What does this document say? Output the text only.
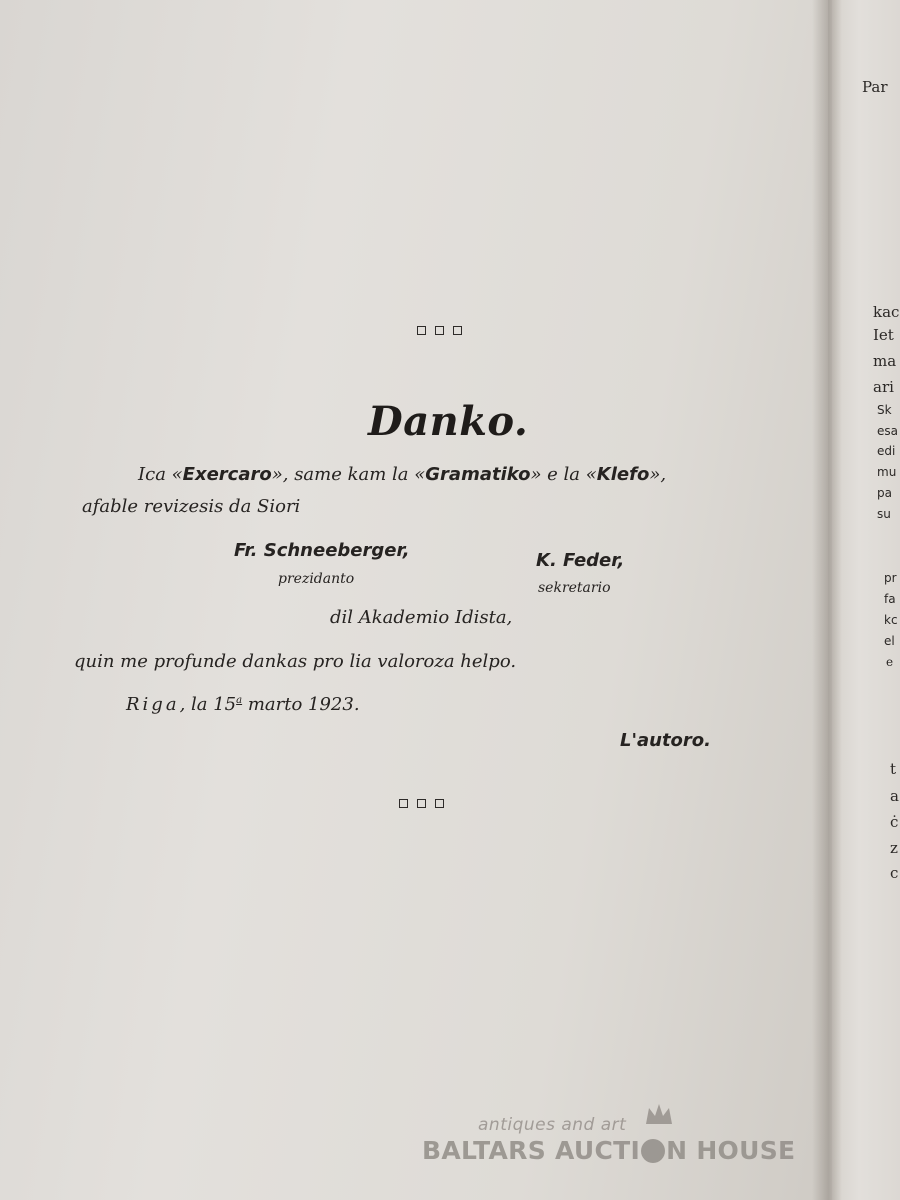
Danko.
Ica «Exercaro», same kam la «Gramatiko» e la «Klefo»,
afable revizesis da Siori
Fr. Schneeberger,
prezidanto
K. Feder,
sekretario
dil Akademio Idista,
quin me profunde dankas pro lia valoroza helpo.
Riga, la 15$^a$ marto 1923.
L'autoro.
Par
kac
Iet
ma
ari
Sk
esa
edi
mu
pa
su
pr
fa
kc
el
e
t
a
ċ
z
c
antiques and art
BALTARS AUCTI N HOUSE
